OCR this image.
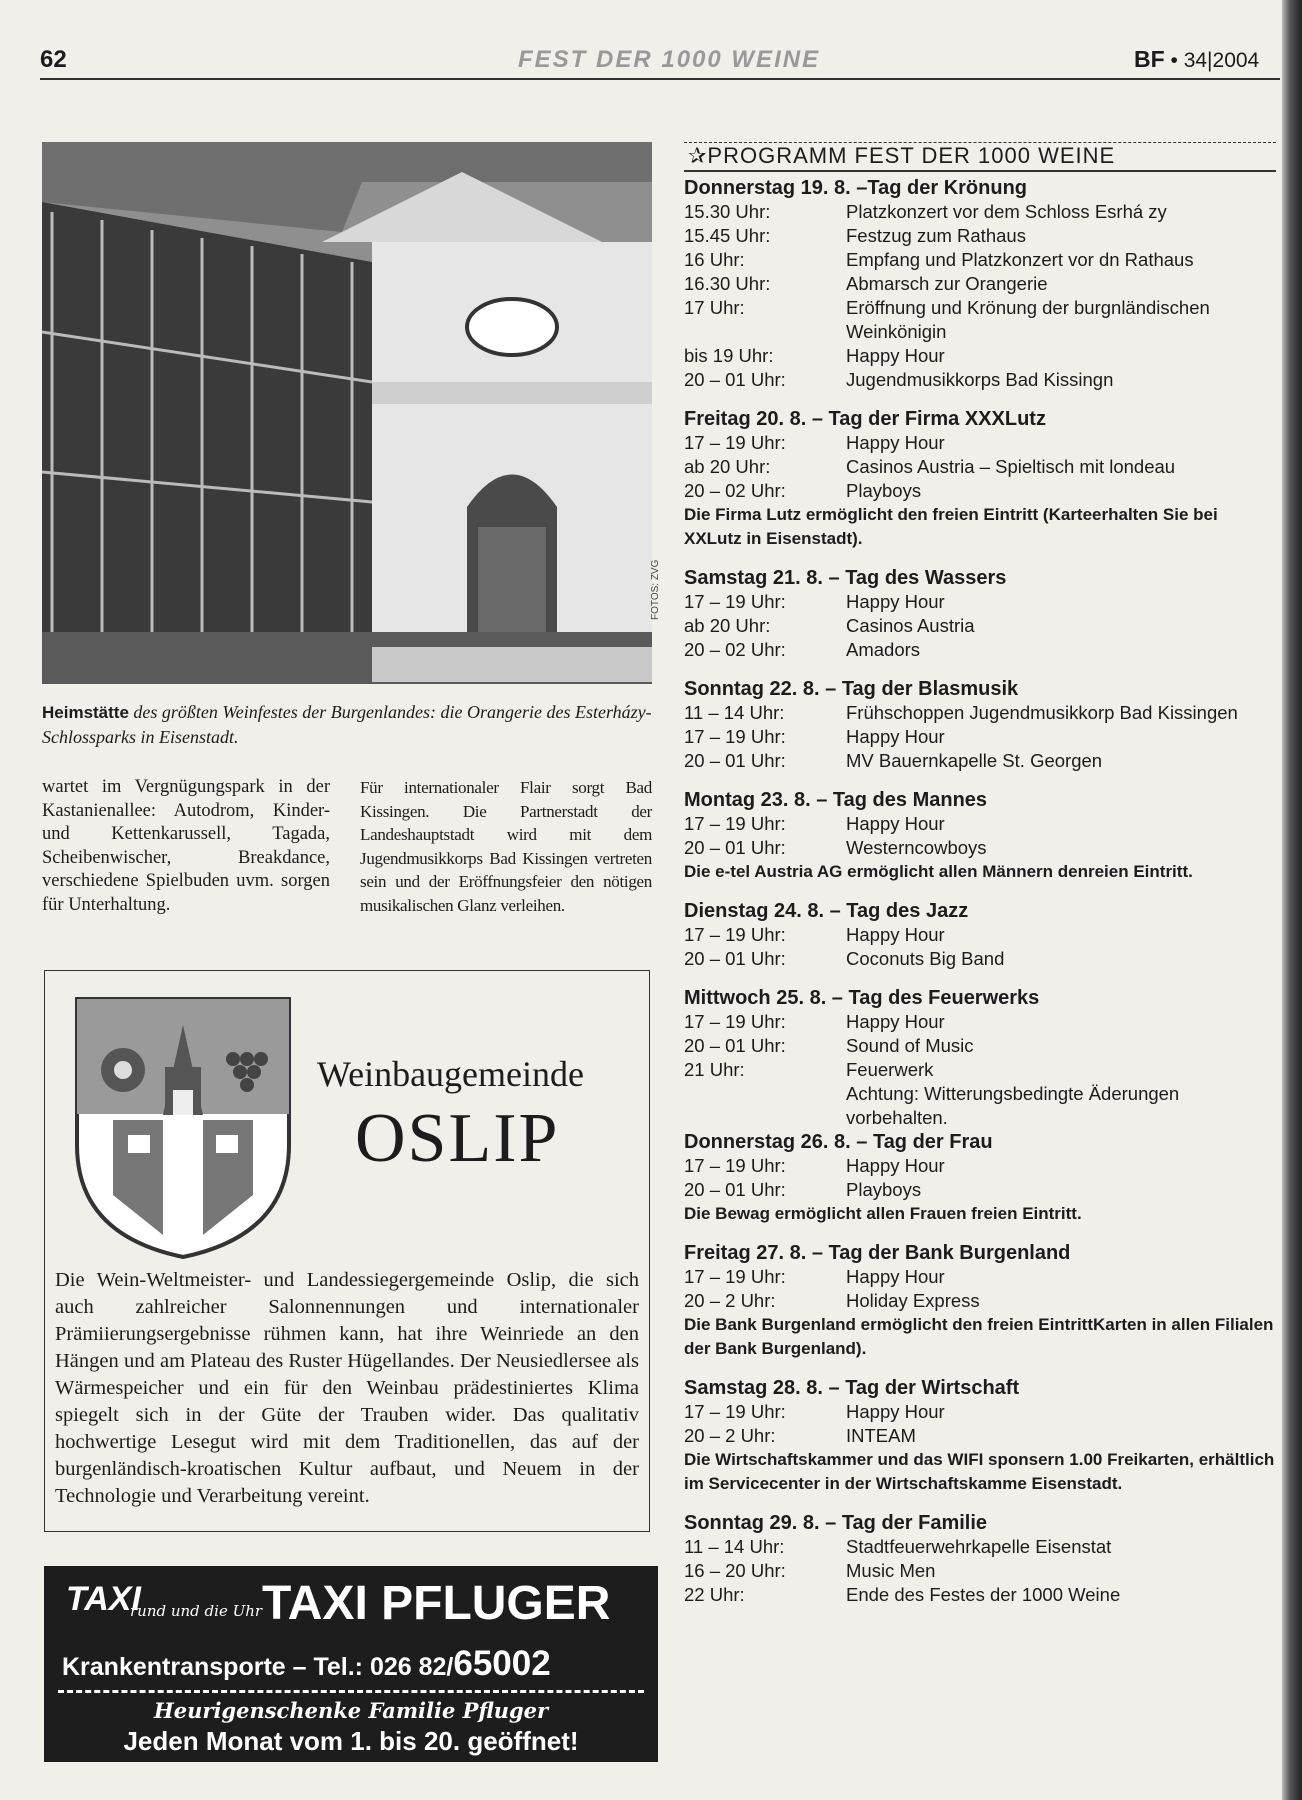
62	FEST DER 1000 WEINE	BF • 34|2004
FOTOS: ZVG
Heimstätte des größten Weinfestes der Burgenlandes: die Orangerie des Esterházy-Schlossparks in Eisenstadt.
wartet im Vergnügungspark in der Kastanienallee: Autodrom, Kinder- und Kettenkarussell, Tagada, Scheibenwischer, Breakdance, verschiedene Spielbuden uvm. sorgen für Unterhaltung.
Für internationaler Flair sorgt Bad Kissingen. Die Partnerstadt der Landeshauptstadt wird mit dem Jugendmusikkorps Bad Kissingen vertreten sein und der Eröffnungsfeier den nötigen musikalischen Glanz verleihen.
Weinbaugemeinde
OSLIP
Die Wein-Weltmeister- und Landessiegergemeinde Oslip, die sich auch zahlreicher Salonnennungen und internationaler Prämiierungsergebnisse rühmen kann, hat ihre Weinriede an den Hängen und am Plateau des Ruster Hügellandes. Der Neusiedlersee als Wärmespeicher und ein für den Weinbau prädestiniertes Klima spiegelt sich in der Güte der Trauben wider. Das qualitativ hochwertige Lesegut wird mit dem Traditionellen, das auf der burgenländisch-kroatischen Kultur aufbaut, und Neuem in der Technologie und Verarbeitung vereint.
TAXI
rund und die Uhr TAXI PFLUGER
Krankentransporte – Tel.: 026 82/65002
Heurigenschenke Familie Pfluger
Jeden Monat vom 1. bis 20. geöffnet!
✰PROGRAMM FEST DER 1000 WEINE
Donnerstag 19. 8. –Tag der Krönung
15.30 Uhr:	Platzkonzert vor dem Schloss Esrhá zy
15.45 Uhr:	Festzug zum Rathaus
16 Uhr:	Empfang und Platzkonzert vor dn Rathaus
16.30 Uhr:	Abmarsch zur Orangerie
17 Uhr:	Eröffnung und Krönung der burgnländischen Weinkönigin
bis 19 Uhr:	Happy Hour
20 – 01 Uhr:	Jugendmusikkorps Bad Kissingn
Freitag 20. 8. – Tag der Firma XXXLutz
17 – 19 Uhr:	Happy Hour
ab 20 Uhr:	Casinos Austria – Spieltisch mit londeau
20 – 02 Uhr:	Playboys
Die Firma Lutz ermöglicht den freien Eintritt (Karteerhalten Sie bei XXLutz in Eisenstadt).
Samstag 21. 8. – Tag des Wassers
17 – 19 Uhr:	Happy Hour
ab 20 Uhr:	Casinos Austria
20 – 02 Uhr:	Amadors
Sonntag 22. 8. – Tag der Blasmusik
11 – 14 Uhr:	Frühschoppen Jugendmusikkorp Bad Kissingen
17 – 19 Uhr:	Happy Hour
20 – 01 Uhr:	MV Bauernkapelle St. Georgen
Montag 23. 8. – Tag des Mannes
17 – 19 Uhr:	Happy Hour
20 – 01 Uhr:	Westerncowboys
Die e-tel Austria AG ermöglicht allen Männern denreien Eintritt.
Dienstag 24. 8. – Tag des Jazz
17 – 19 Uhr:	Happy Hour
20 – 01 Uhr:	Coconuts Big Band
Mittwoch 25. 8. – Tag des Feuerwerks
17 – 19 Uhr:	Happy Hour
20 – 01 Uhr:	Sound of Music
21 Uhr:	Feuerwerk
Achtung: Witterungsbedingte Äderungen vorbehalten.
Donnerstag 26. 8. – Tag der Frau
17 – 19 Uhr:	Happy Hour
20 – 01 Uhr:	Playboys
Die Bewag ermöglicht allen Frauen freien Eintritt.
Freitag 27. 8. – Tag der Bank Burgenland
17 – 19 Uhr:	Happy Hour
20 – 2 Uhr:	Holiday Express
Die Bank Burgenland ermöglicht den freien EintrittKarten in allen Filialen der Bank Burgenland).
Samstag 28. 8. – Tag der Wirtschaft
17 – 19 Uhr:	Happy Hour
20 – 2 Uhr:	INTEAM
Die Wirtschaftskammer und das WIFI sponsern 1.00 Freikarten, erhältlich im Servicecenter in der Wirtschaftskamme Eisenstadt.
Sonntag 29. 8. – Tag der Familie
11 – 14 Uhr:	Stadtfeuerwehrkapelle Eisenstat
16 – 20 Uhr:	Music Men
22 Uhr:	Ende des Festes der 1000 Weine
